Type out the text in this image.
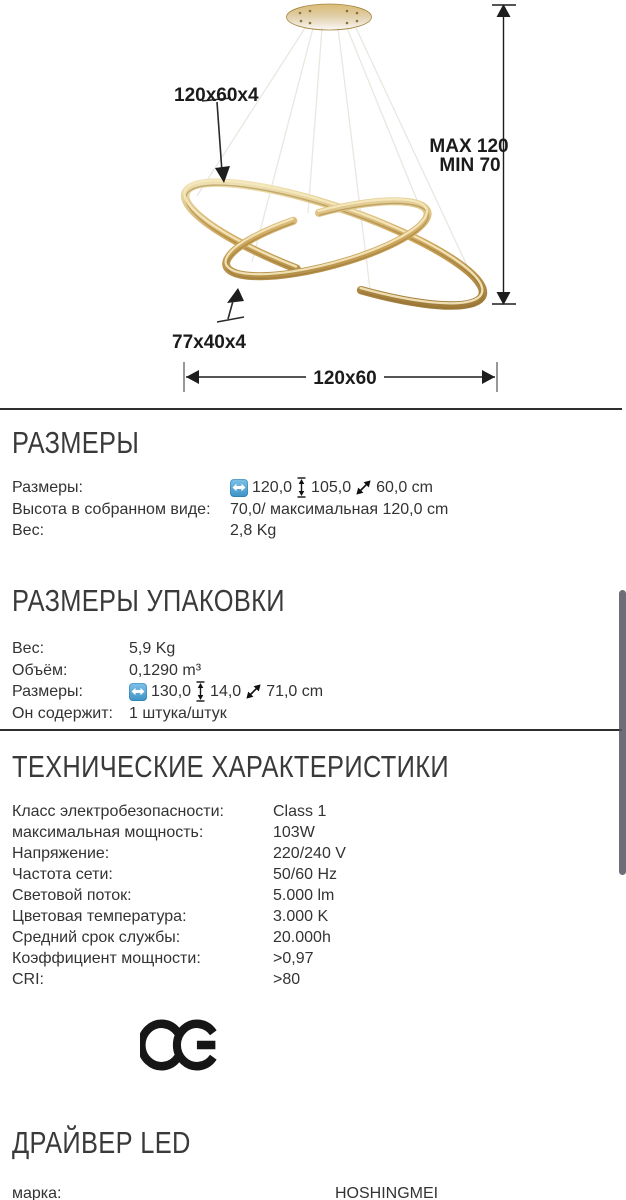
120x60x4
77x40x4
MAX 120
MIN 70
120x60
РАЗМЕРЫ
Размеры:
Высота в собранном виде:
Вес:
120,0 105,0 60,0 cm
70,0/ максимальная 120,0 cm
2,8 Kg
РАЗМЕРЫ УПАКОВКИ
Вес:
Объём:
Размеры:
Он содержит:
5,9 Kg
0,1290 m³
130,0 14,0 71,0 cm
1 штука/штук
ТЕХНИЧЕСКИЕ ХАРАКТЕРИСТИКИ
Класс электробезопасности:
максимальная мощность:
Напряжение:
Частота сети:
Световой поток:
Цветовая температура:
Средний срок службы:
Коэффициент мощности:
CRI:
Class 1
103W
220/240 V
50/60 Hz
5.000 lm
3.000 K
20.000h
>0,97
>80
ДРАЙВЕР LED
марка:	HOSHINGMEI
